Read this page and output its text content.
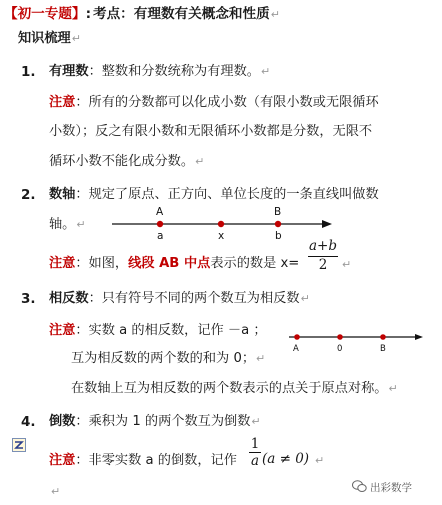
【初一专题】: 考点：有理数有关概念和性质↵
知识梳理↵
1. 有理数：整数和分数统称为有理数。↵
注意：所有的分数都可以化成小数（有限小数或无限循环
小数）；反之有限小数和无限循环小数都是分数，无限不
循环小数不能化成分数。↵
2. 数轴：规定了原点、正方向、单位长度的一条直线叫做数
轴。↵
A	B
a	x	b
注意：如图，线段 AB 中点表示的数是 x=
a+b
2	↵
3. 相反数：只有符号不同的两个数互为相反数↵
注意：实数 a 的相反数，记作 －a ；
A	0	B
互为相反数的两个数的和为 0；↵
在数轴上互为相反数的两个数表示的点关于原点对称。↵
4. 倒数：乘积为 1 的两个数互为倒数↵
注意：非零实数 a 的倒数，记作
1
a (a ≠ 0) ↵
↵	出彩数学
